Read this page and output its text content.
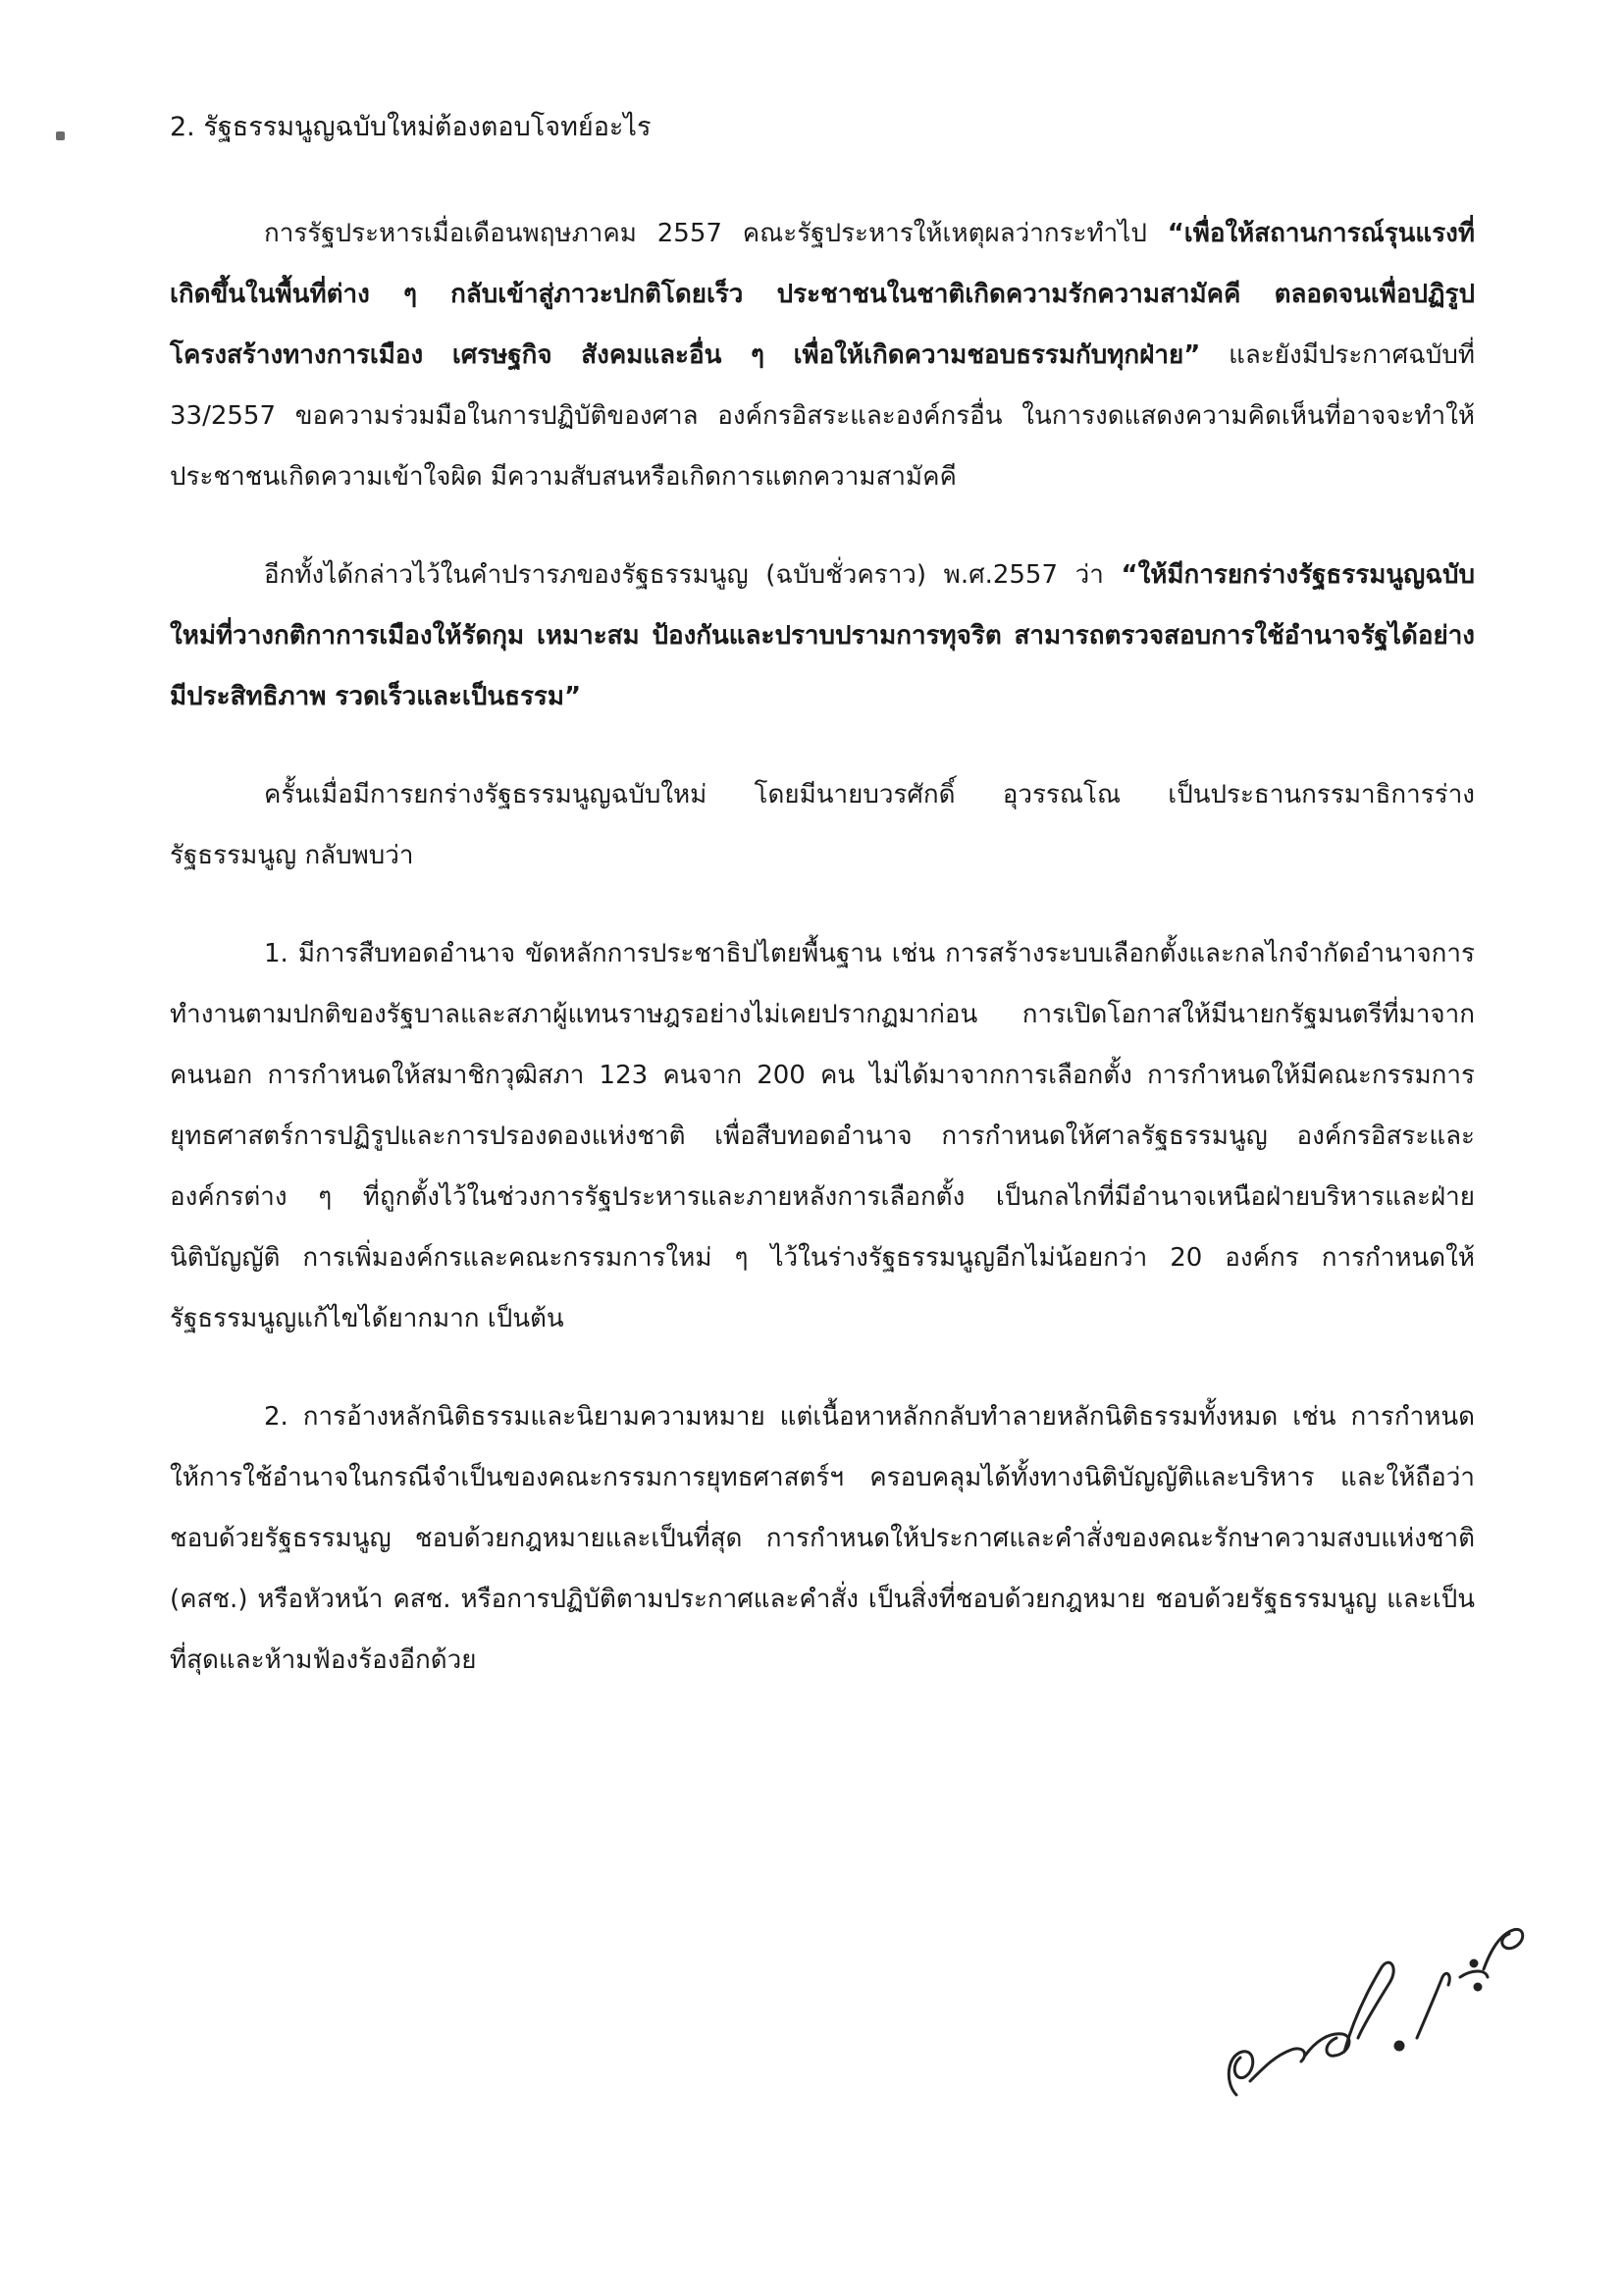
2. รัฐธรรมนูญฉบับใหม่ต้องตอบโจทย์อะไร

การรัฐประหารเมื่อเดือนพฤษภาคม 2557 คณะรัฐประหารให้เหตุผลว่ากระทำไป “เพื่อให้สถานการณ์รุนแรงที่เกิดขึ้นในพื้นที่ต่าง ๆ กลับเข้าสู่ภาวะปกติโดยเร็ว ประชาชนในชาติเกิดความรักความสามัคคี ตลอดจนเพื่อปฏิรูปโครงสร้างทางการเมือง เศรษฐกิจ สังคมและอื่น ๆ เพื่อให้เกิดความชอบธรรมกับทุกฝ่าย” และยังมีประกาศฉบับที่ 33/2557 ขอความร่วมมือในการปฏิบัติของศาล องค์กรอิสระและองค์กรอื่น ในการงดแสดงความคิดเห็นที่อาจจะทำให้ประชาชนเกิดความเข้าใจผิด มีความสับสนหรือเกิดการแตกความสามัคคี

อีกทั้งได้กล่าวไว้ในคำปรารภของรัฐธรรมนูญ (ฉบับชั่วคราว) พ.ศ.2557 ว่า “ให้มีการยกร่างรัฐธรรมนูญฉบับใหม่ที่วางกติกาการเมืองให้รัดกุม เหมาะสม ป้องกันและปราบปรามการทุจริต สามารถตรวจสอบการใช้อำนาจรัฐได้อย่างมีประสิทธิภาพ รวดเร็วและเป็นธรรม”

ครั้นเมื่อมีการยกร่างรัฐธรรมนูญฉบับใหม่ โดยมีนายบวรศักดิ์ อุวรรณโณ เป็นประธานกรรมาธิการร่างรัฐธรรมนูญ กลับพบว่า

1. มีการสืบทอดอำนาจ ขัดหลักการประชาธิปไตยพื้นฐาน เช่น การสร้างระบบเลือกตั้งและกลไกจำกัดอำนาจการทำงานตามปกติของรัฐบาลและสภาผู้แทนราษฎรอย่างไม่เคยปรากฏมาก่อน การเปิดโอกาสให้มีนายกรัฐมนตรีที่มาจากคนนอก การกำหนดให้สมาชิกวุฒิสภา 123 คนจาก 200 คน ไม่ได้มาจากการเลือกตั้ง การกำหนดให้มีคณะกรรมการยุทธศาสตร์การปฏิรูปและการปรองดองแห่งชาติ เพื่อสืบทอดอำนาจ การกำหนดให้ศาลรัฐธรรมนูญ องค์กรอิสระและองค์กรต่าง ๆ ที่ถูกตั้งไว้ในช่วงการรัฐประหารและภายหลังการเลือกตั้ง เป็นกลไกที่มีอำนาจเหนือฝ่ายบริหารและฝ่ายนิติบัญญัติ การเพิ่มองค์กรและคณะกรรมการใหม่ ๆ ไว้ในร่างรัฐธรรมนูญอีกไม่น้อยกว่า 20 องค์กร การกำหนดให้รัฐธรรมนูญแก้ไขได้ยากมาก เป็นต้น

2. การอ้างหลักนิติธรรมและนิยามความหมาย แต่เนื้อหาหลักกลับทำลายหลักนิติธรรมทั้งหมด เช่น การกำหนดให้การใช้อำนาจในกรณีจำเป็นของคณะกรรมการยุทธศาสตร์ฯ ครอบคลุมได้ทั้งทางนิติบัญญัติและบริหาร และให้ถือว่าชอบด้วยรัฐธรรมนูญ ชอบด้วยกฎหมายและเป็นที่สุด การกำหนดให้ประกาศและคำสั่งของคณะรักษาความสงบแห่งชาติ (คสช.) หรือหัวหน้า คสช. หรือการปฏิบัติตามประกาศและคำสั่ง เป็นสิ่งที่ชอบด้วยกฎหมาย ชอบด้วยรัฐธรรมนูญ และเป็นที่สุดและห้ามฟ้องร้องอีกด้วย
